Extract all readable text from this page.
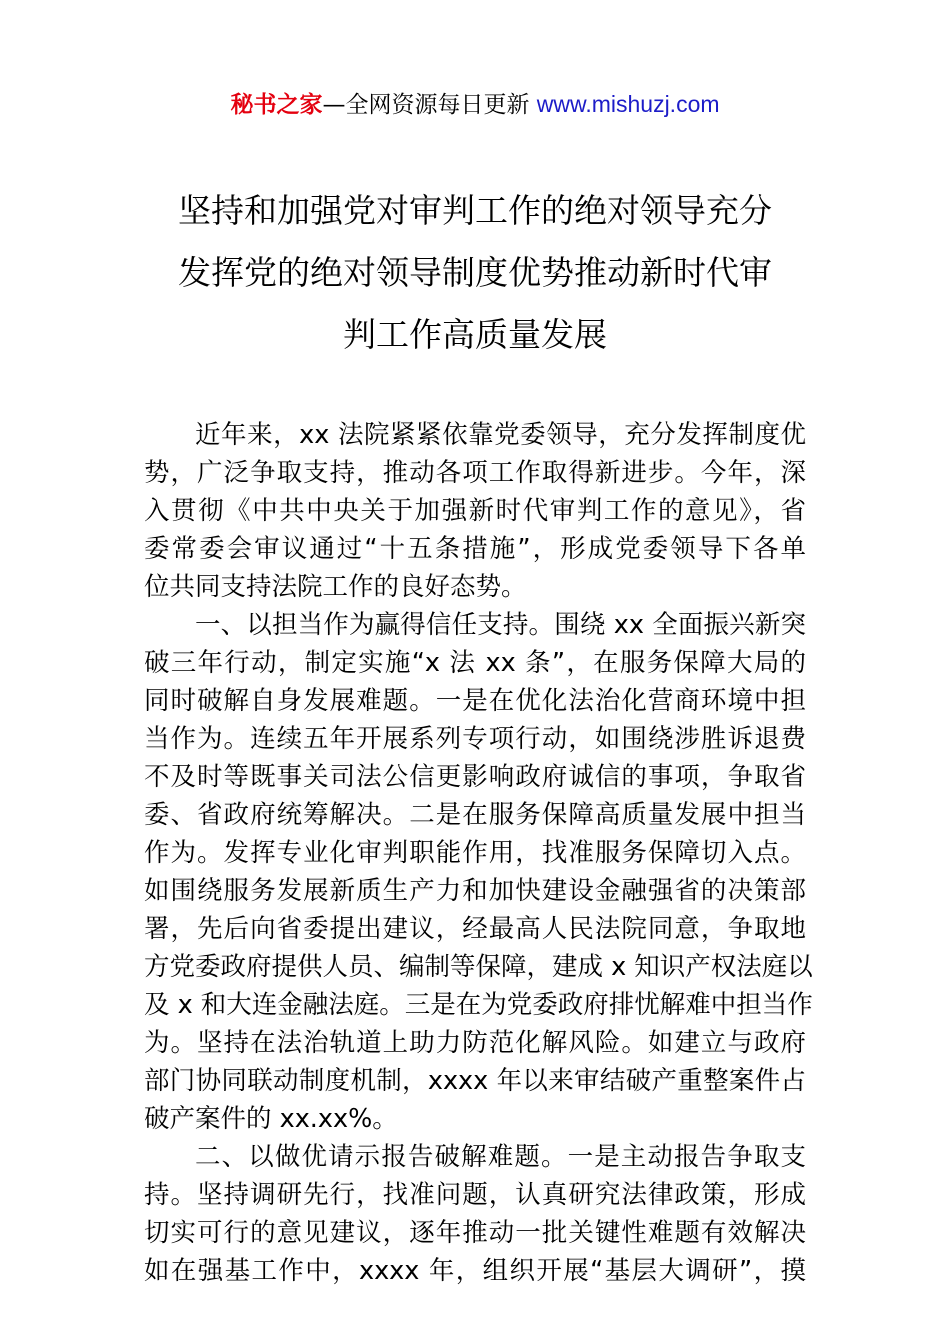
秘书之家—全网资源每日更新 www.mishuzj.com
坚持和加强党对审判工作的绝对领导充分
发挥党的绝对领导制度优势推动新时代审
判工作高质量发展
近年来，xx 法院紧紧依靠党委领导，充分发挥制度优
势，广泛争取支持，推动各项工作取得新进步。今年，深
入贯彻《中共中央关于加强新时代审判工作的意见》，省
委常委会审议通过“十五条措施”，形成党委领导下各单
位共同支持法院工作的良好态势。
一、以担当作为赢得信任支持。围绕 xx 全面振兴新突
破三年行动，制定实施“x 法 xx 条”，在服务保障大局的
同时破解自身发展难题。一是在优化法治化营商环境中担
当作为。连续五年开展系列专项行动，如围绕涉胜诉退费
不及时等既事关司法公信更影响政府诚信的事项，争取省
委、省政府统筹解决。二是在服务保障高质量发展中担当
作为。发挥专业化审判职能作用，找准服务保障切入点。
如围绕服务发展新质生产力和加快建设金融强省的决策部
署，先后向省委提出建议，经最高人民法院同意，争取地
方党委政府提供人员、编制等保障，建成 x 知识产权法庭以
及 x 和大连金融法庭。三是在为党委政府排忧解难中担当作
为。坚持在法治轨道上助力防范化解风险。如建立与政府
部门协同联动制度机制，xxxx 年以来审结破产重整案件占
破产案件的 xx.xx%。
二、以做优请示报告破解难题。一是主动报告争取支
持。坚持调研先行，找准问题，认真研究法律政策，形成
切实可行的意见建议，逐年推动一批关键性难题有效解决
如在强基工作中，xxxx 年，组织开展“基层大调研”，摸
